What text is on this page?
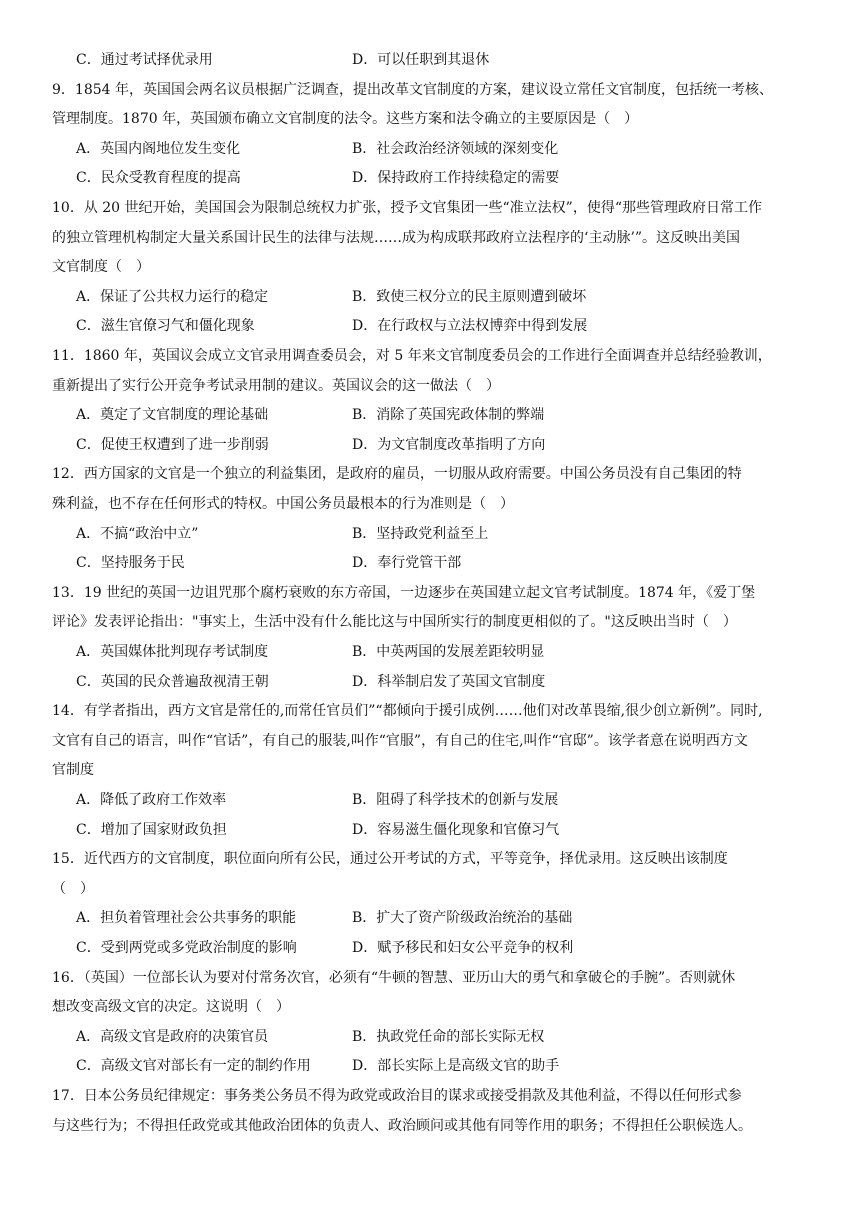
C．通过考试择优录用	D．可以任职到其退休
9．1854 年，英国国会两名议员根据广泛调查，提出改革文官制度的方案，建议设立常任文官制度，包括统一考核、
管理制度。1870 年，英国颁布确立文官制度的法令。这些方案和法令确立的主要原因是（　）
A．英国内阁地位发生变化	B．社会政治经济领域的深刻变化
C．民众受教育程度的提高	D．保持政府工作持续稳定的需要
10．从 20 世纪开始，美国国会为限制总统权力扩张，授予文官集团一些“准立法权”，使得“那些管理政府日常工作
的独立管理机构制定大量关系国计民生的法律与法规……成为构成联邦政府立法程序的‘主动脉’”。这反映出美国
文官制度（　）
A．保证了公共权力运行的稳定	B．致使三权分立的民主原则遭到破坏
C．滋生官僚习气和僵化现象	D．在行政权与立法权博弈中得到发展
11．1860 年，英国议会成立文官录用调查委员会，对 5 年来文官制度委员会的工作进行全面调查并总结经验教训，
重新提出了实行公开竞争考试录用制的建议。英国议会的这一做法（　）
A．奠定了文官制度的理论基础	B．消除了英国宪政体制的弊端
C．促使王权遭到了进一步削弱	D．为文官制度改革指明了方向
12．西方国家的文官是一个独立的利益集团，是政府的雇员，一切服从政府需要。中国公务员没有自己集团的特
殊利益，也不存在任何形式的特权。中国公务员最根本的行为准则是（　）
A．不搞“政治中立”	B．坚持政党利益至上
C．坚持服务于民	D．奉行党管干部
13．19 世纪的英国一边诅咒那个腐朽衰败的东方帝国，一边逐步在英国建立起文官考试制度。1874 年，《爱丁堡
评论》发表评论指出："事实上，生活中没有什么能比这与中国所实行的制度更相似的了。"这反映出当时（　）
A．英国媒体批判现存考试制度	B．中英两国的发展差距较明显
C．英国的民众普遍敌视清王朝	D．科举制启发了英国文官制度
14．有学者指出，西方文官是常任的,而常任官员们”“都倾向于援引成例……他们对改革畏缩,很少创立新例”。同时,
文官有自己的语言，叫作“官话”，有自己的服装,叫作“官服”，有自己的住宅,叫作“官邸”。该学者意在说明西方文
官制度
A．降低了政府工作效率	B．阻碍了科学技术的创新与发展
C．增加了国家财政负担	D．容易滋生僵化现象和官僚习气
15．近代西方的文官制度，职位面向所有公民，通过公开考试的方式，平等竞争，择优录用。这反映出该制度
（　）
A．担负着管理社会公共事务的职能	B．扩大了资产阶级政治统治的基础
C．受到两党或多党政治制度的影响	D．赋予移民和妇女公平竞争的权利
16．（英国）一位部长认为要对付常务次官，必须有“牛顿的智慧、亚历山大的勇气和拿破仑的手腕”。否则就休
想改变高级文官的决定。这说明（　）
A．高级文官是政府的决策官员	B．执政党任命的部长实际无权
C．高级文官对部长有一定的制约作用	D．部长实际上是高级文官的助手
17．日本公务员纪律规定：事务类公务员不得为政党或政治目的谋求或接受捐款及其他利益，不得以任何形式参
与这些行为；不得担任政党或其他政治团体的负责人、政治顾问或其他有同等作用的职务；不得担任公职候选人。
